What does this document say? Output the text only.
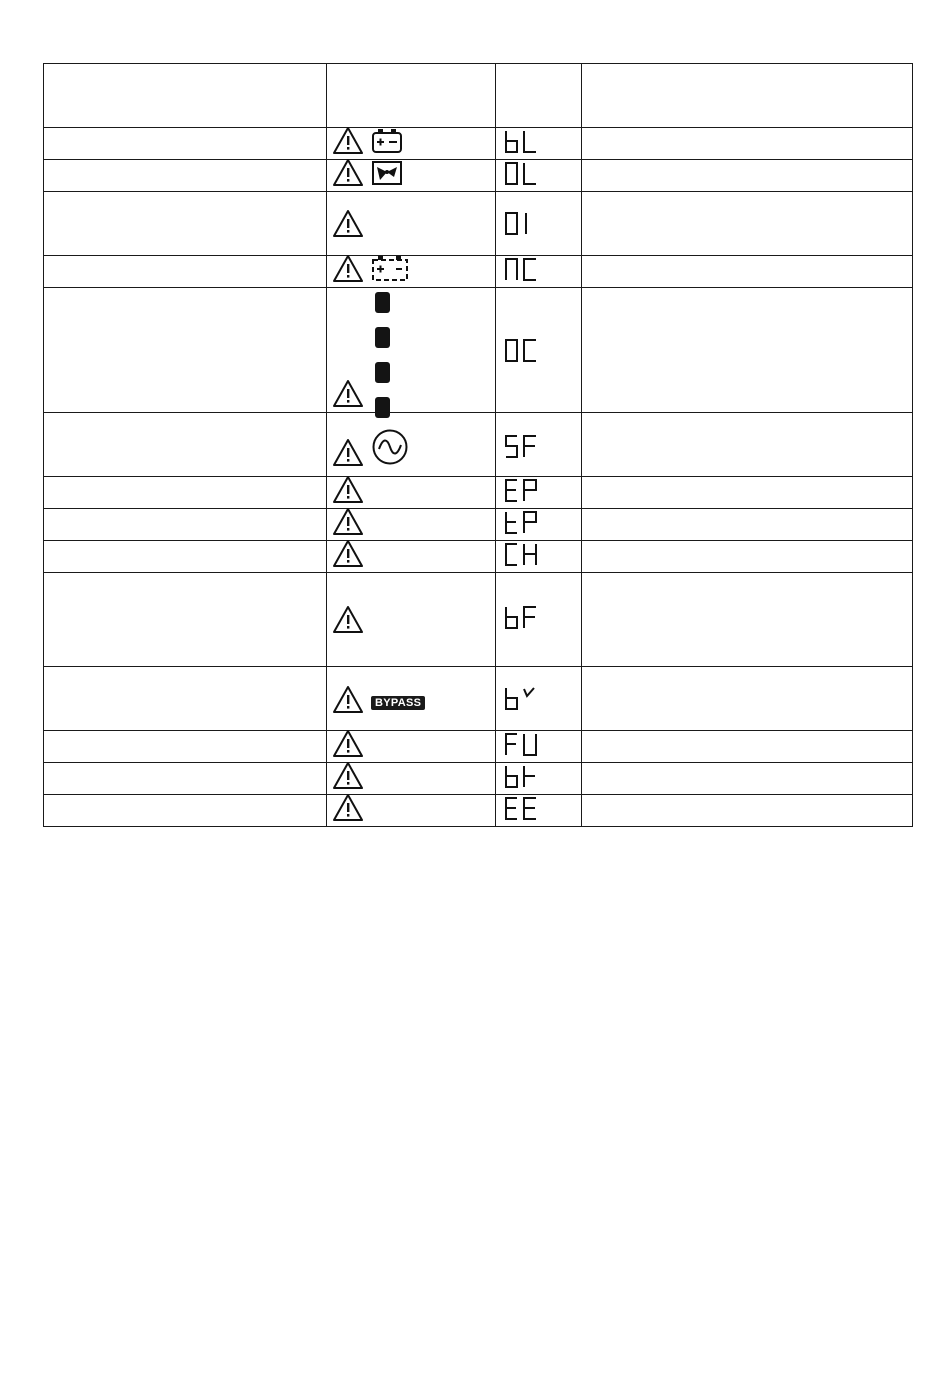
	BYPASS
